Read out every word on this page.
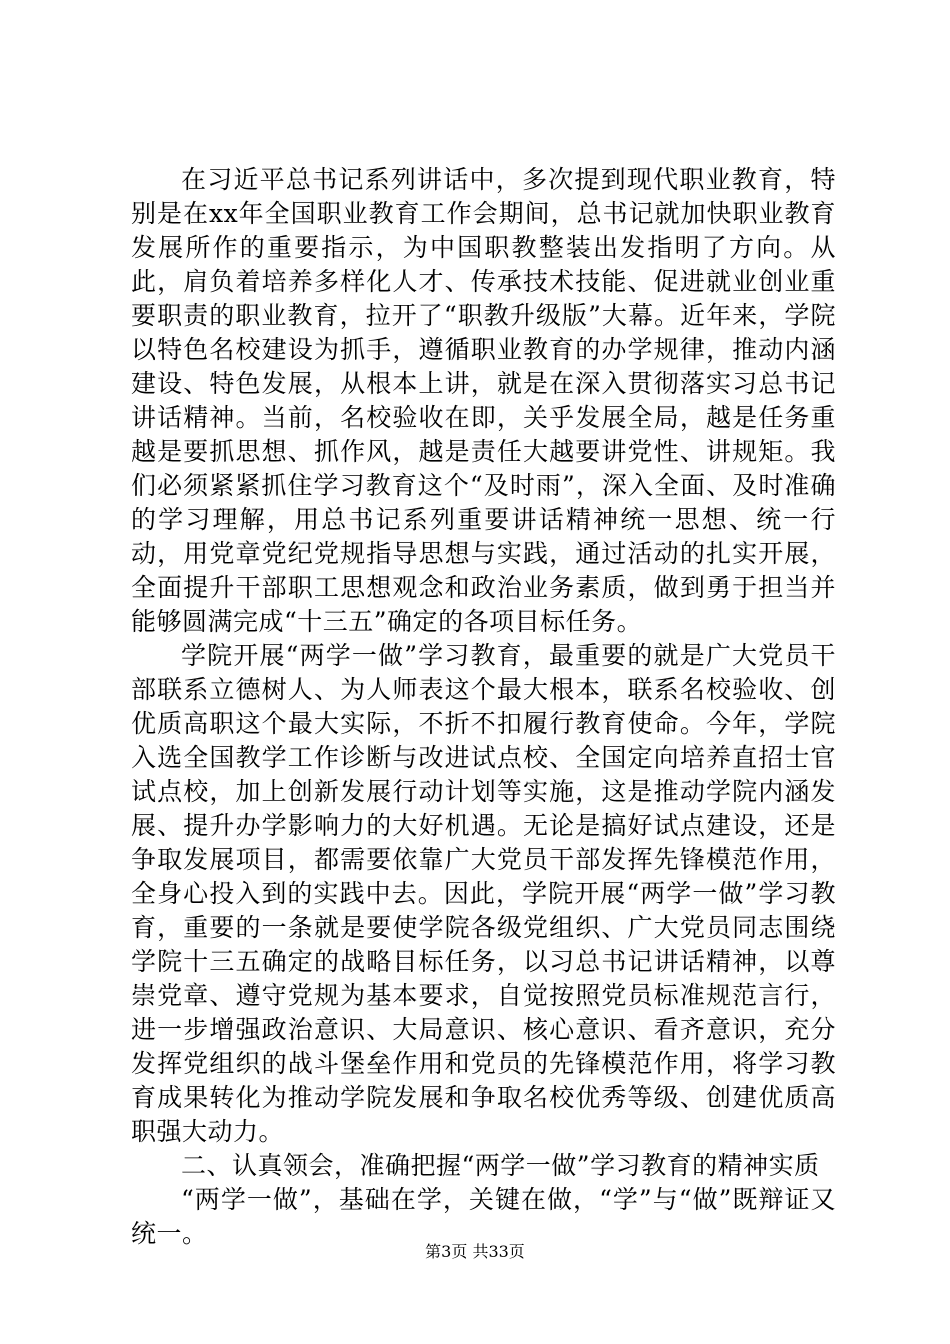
在习近平总书记系列讲话中，多次提到现代职业教育，特别是在xx年全国职业教育工作会期间，总书记就加快职业教育发展所作的重要指示，为中国职教整装出发指明了方向。从此，肩负着培养多样化人才、传承技术技能、促进就业创业重要职责的职业教育，拉开了“职教升级版”大幕。近年来，学院以特色名校建设为抓手，遵循职业教育的办学规律，推动内涵建设、特色发展，从根本上讲，就是在深入贯彻落实习总书记讲话精神。当前，名校验收在即，关乎发展全局，越是任务重越是要抓思想、抓作风，越是责任大越要讲党性、讲规矩。我们必须紧紧抓住学习教育这个“及时雨”，深入全面、及时准确的学习理解，用总书记系列重要讲话精神统一思想、统一行动，用党章党纪党规指导思想与实践，通过活动的扎实开展，全面提升干部职工思想观念和政治业务素质，做到勇于担当并能够圆满完成“十三五”确定的各项目标任务。

学院开展“两学一做”学习教育，最重要的就是广大党员干部联系立德树人、为人师表这个最大根本，联系名校验收、创优质高职这个最大实际，不折不扣履行教育使命。今年，学院入选全国教学工作诊断与改进试点校、全国定向培养直招士官试点校，加上创新发展行动计划等实施，这是推动学院内涵发展、提升办学影响力的大好机遇。无论是搞好试点建设，还是争取发展项目，都需要依靠广大党员干部发挥先锋模范作用，全身心投入到的实践中去。因此，学院开展“两学一做”学习教育，重要的一条就是要使学院各级党组织、广大党员同志围绕学院十三五确定的战略目标任务，以习总书记讲话精神，以尊崇党章、遵守党规为基本要求，自觉按照党员标准规范言行，进一步增强政治意识、大局意识、核心意识、看齐意识，充分发挥党组织的战斗堡垒作用和党员的先锋模范作用，将学习教育成果转化为推动学院发展和争取名校优秀等级、创建优质高职强大动力。

二、认真领会，准确把握“两学一做”学习教育的精神实质

“两学一做”，基础在学，关键在做，“学”与“做”既辩证又统一。

第3页 共33页
